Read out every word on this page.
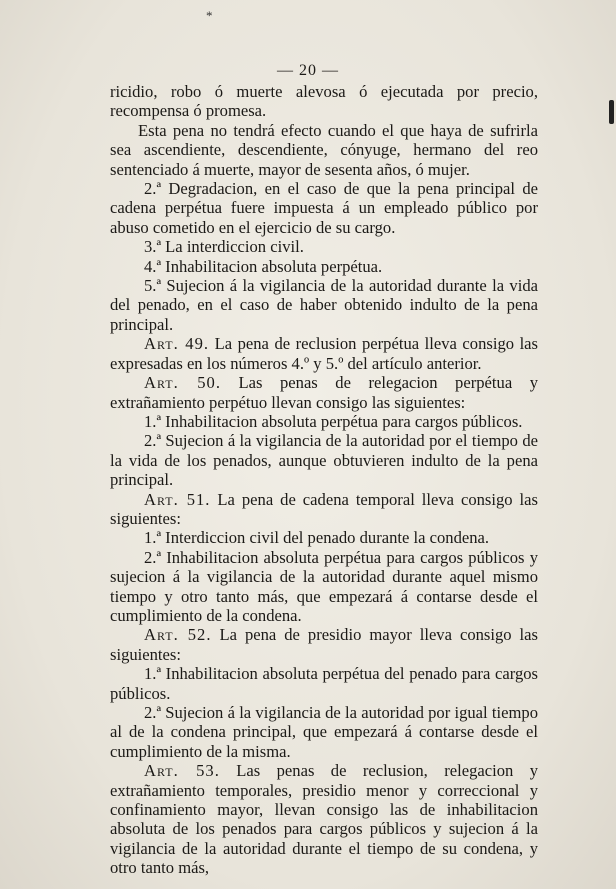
*
— 20 —

ricidio, robo ó muerte alevosa ó ejecutada por precio, recompensa ó promesa.

Esta pena no tendrá efecto cuando el que haya de sufrirla sea ascendiente, descendiente, cónyuge, hermano del reo sentenciado á muerte, mayor de sesenta años, ó mujer.

2.ª Degradacion, en el caso de que la pena principal de cadena perpétua fuere impuesta á un empleado público por abuso cometido en el ejercicio de su cargo.

3.ª La interdiccion civil.

4.ª Inhabilitacion absoluta perpétua.

5.ª Sujecion á la vigilancia de la autoridad durante la vida del penado, en el caso de haber obtenido indulto de la pena principal.

Art. 49. La pena de reclusion perpétua lleva consigo las expresadas en los números 4.º y 5.º del artículo anterior.

Art. 50. Las penas de relegacion perpétua y extrañamiento perpétuo llevan consigo las siguientes:

1.ª Inhabilitacion absoluta perpétua para cargos públicos.

2.ª Sujecion á la vigilancia de la autoridad por el tiempo de la vida de los penados, aunque obtuvieren indulto de la pena principal.

Art. 51. La pena de cadena temporal lleva consigo las siguientes:

1.ª Interdiccion civil del penado durante la condena.

2.ª Inhabilitacion absoluta perpétua para cargos públicos y sujecion á la vigilancia de la autoridad durante aquel mismo tiempo y otro tanto más, que empezará á contarse desde el cumplimiento de la condena.

Art. 52. La pena de presidio mayor lleva consigo las siguientes:

1.ª Inhabilitacion absoluta perpétua del penado para cargos públicos.

2.ª Sujecion á la vigilancia de la autoridad por igual tiempo al de la condena principal, que empezará á contarse desde el cumplimiento de la misma.

Art. 53. Las penas de reclusion, relegacion y extrañamiento temporales, presidio menor y correccional y confinamiento mayor, llevan consigo las de inhabilitacion absoluta de los penados para cargos públicos y sujecion á la vigilancia de la autoridad durante el tiempo de su condena, y otro tanto más,
